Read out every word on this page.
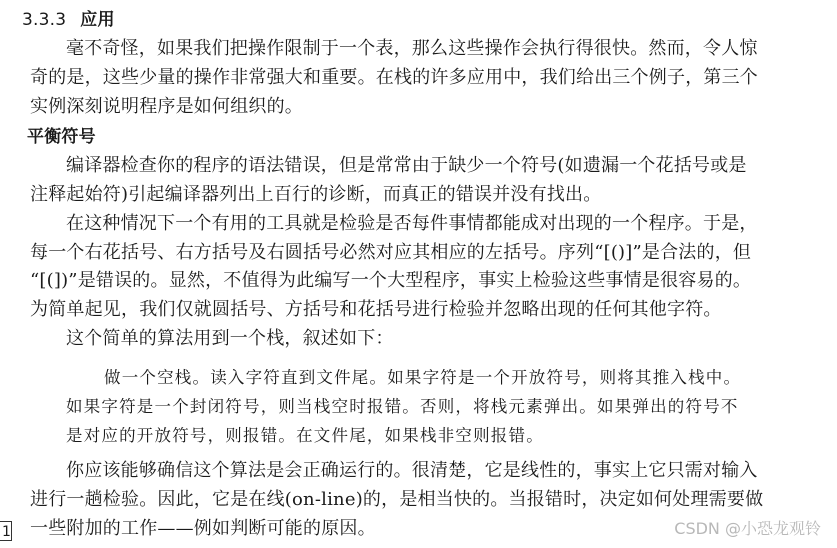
3.3.3 应用
毫不奇怪，如果我们把操作限制于一个表，那么这些操作会执行得很快。然而，令人惊
奇的是，这些少量的操作非常强大和重要。在栈的许多应用中，我们给出三个例子，第三个
实例深刻说明程序是如何组织的。
平衡符号
编译器检查你的程序的语法错误，但是常常由于缺少一个符号(如遗漏一个花括号或是
注释起始符)引起编译器列出上百行的诊断，而真正的错误并没有找出。
在这种情况下一个有用的工具就是检验是否每件事情都能成对出现的一个程序。于是，
每一个右花括号、右方括号及右圆括号必然对应其相应的左括号。序列“[()]”是合法的，但
“[(])”是错误的。显然，不值得为此编写一个大型程序，事实上检验这些事情是很容易的。
为简单起见，我们仅就圆括号、方括号和花括号进行检验并忽略出现的任何其他字符。
这个简单的算法用到一个栈，叙述如下：
做一个空栈。读入字符直到文件尾。如果字符是一个开放符号，则将其推入栈中。
如果字符是一个封闭符号，则当栈空时报错。否则，将栈元素弹出。如果弹出的符号不
是对应的开放符号，则报错。在文件尾，如果栈非空则报错。
你应该能够确信这个算法是会正确运行的。很清楚，它是线性的，事实上它只需对输入
进行一趟检验。因此，它是在线(on-line)的，是相当快的。当报错时，决定如何处理需要做
一些附加的工作——例如判断可能的原因。
1	CSDN @小恐龙观铃
